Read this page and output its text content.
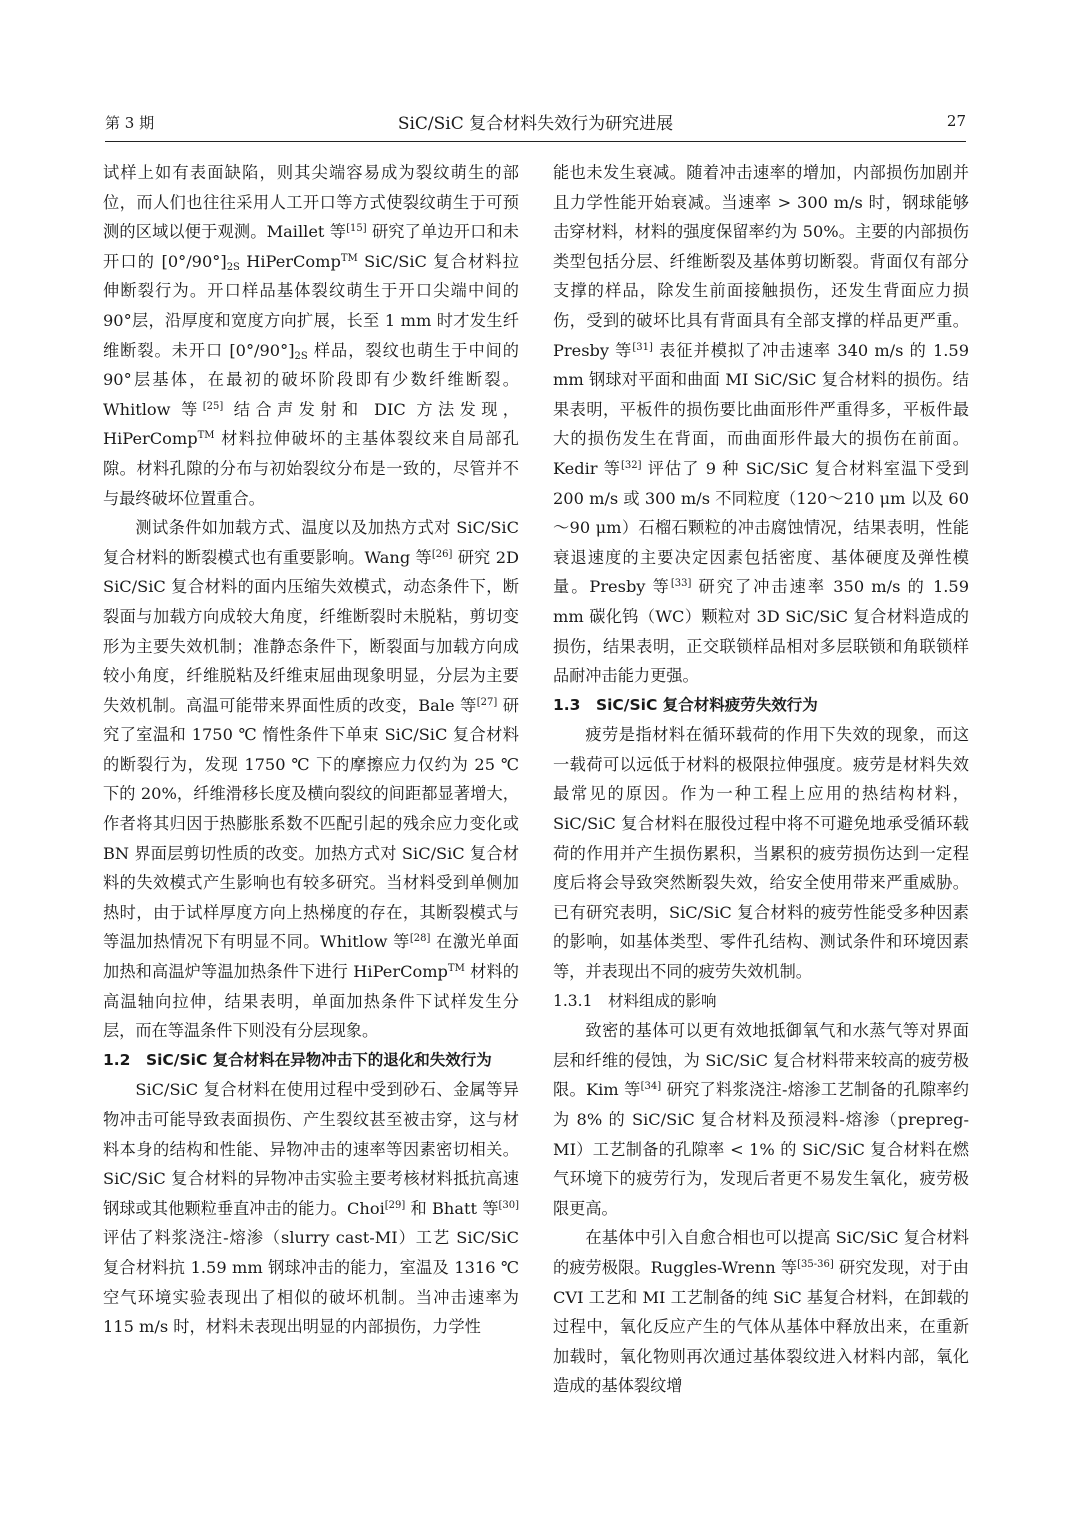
第 3 期	SiC/SiC 复合材料失效行为研究进展	27

试样上如有表面缺陷，则其尖端容易成为裂纹萌生的部位，而人们也往往采用人工开口等方式使裂纹萌生于可预测的区域以便于观测。Maillet 等[15] 研究了单边开口和未开口的 $[0^\circ/90^\circ]_{2S}$ HiPerComp™ SiC/SiC 复合材料拉伸断裂行为。开口样品基体裂纹萌生于开口尖端中间的 90°层，沿厚度和宽度方向扩展，长至 1 mm 时才发生纤维断裂。未开口 $[0^\circ/90^\circ]_{2S}$ 样品，裂纹也萌生于中间的 90°层基体，在最初的破坏阶段即有少数纤维断裂。Whitlow 等[25] 结合声发射和 DIC 方法发现，HiPerComp™ 材料拉伸破坏的主基体裂纹来自局部孔隙。材料孔隙的分布与初始裂纹分布是一致的，尽管并不与最终破坏位置重合。

测试条件如加载方式、温度以及加热方式对 SiC/SiC 复合材料的断裂模式也有重要影响。Wang 等[26] 研究 2D SiC/SiC 复合材料的面内压缩失效模式，动态条件下，断裂面与加载方向成较大角度，纤维断裂时未脱粘，剪切变形为主要失效机制；准静态条件下，断裂面与加载方向成较小角度，纤维脱粘及纤维束屈曲现象明显，分层为主要失效机制。高温可能带来界面性质的改变，Bale 等[27] 研究了室温和 1750 ℃ 惰性条件下单束 SiC/SiC 复合材料的断裂行为，发现 1750 ℃ 下的摩擦应力仅约为 25 ℃ 下的 20%，纤维滑移长度及横向裂纹的间距都显著增大，作者将其归因于热膨胀系数不匹配引起的残余应力变化或 BN 界面层剪切性质的改变。加热方式对 SiC/SiC 复合材料的失效模式产生影响也有较多研究。当材料受到单侧加热时，由于试样厚度方向上热梯度的存在，其断裂模式与等温加热情况下有明显不同。Whitlow 等[28] 在激光单面加热和高温炉等温加热条件下进行 HiPerComp™ 材料的高温轴向拉伸，结果表明，单面加热条件下试样发生分层，而在等温条件下则没有分层现象。

1.2　SiC/SiC 复合材料在异物冲击下的退化和失效行为

SiC/SiC 复合材料在使用过程中受到砂石、金属等异物冲击可能导致表面损伤、产生裂纹甚至被击穿，这与材料本身的结构和性能、异物冲击的速率等因素密切相关。SiC/SiC 复合材料的异物冲击实验主要考核材料抵抗高速钢球或其他颗粒垂直冲击的能力。Choi[29] 和 Bhatt 等[30] 评估了料浆浇注-熔渗（slurry cast-MI）工艺 SiC/SiC 复合材料抗 1.59 mm 钢球冲击的能力，室温及 1316 ℃ 空气环境实验表现出了相似的破坏机制。当冲击速率为 115 m/s 时，材料未表现出明显的内部损伤，力学性

能也未发生衰减。随着冲击速率的增加，内部损伤加剧并且力学性能开始衰减。当速率 > 300 m/s 时，钢球能够击穿材料，材料的强度保留率约为 50%。主要的内部损伤类型包括分层、纤维断裂及基体剪切断裂。背面仅有部分支撑的样品，除发生前面接触损伤，还发生背面应力损伤，受到的破坏比具有背面具有全部支撑的样品更严重。Presby 等[31] 表征并模拟了冲击速率 340 m/s 的 1.59 mm 钢球对平面和曲面 MI SiC/SiC 复合材料的损伤。结果表明，平板件的损伤要比曲面形件严重得多，平板件最大的损伤发生在背面，而曲面形件最大的损伤在前面。Kedir 等[32] 评估了 9 种 SiC/SiC 复合材料室温下受到 200 m/s 或 300 m/s 不同粒度（120～210 μm 以及 60～90 μm）石榴石颗粒的冲击腐蚀情况，结果表明，性能衰退速度的主要决定因素包括密度、基体硬度及弹性模量。Presby 等[33] 研究了冲击速率 350 m/s 的 1.59 mm 碳化钨（WC）颗粒对 3D SiC/SiC 复合材料造成的损伤，结果表明，正交联锁样品相对多层联锁和角联锁样品耐冲击能力更强。

1.3　SiC/SiC 复合材料疲劳失效行为

疲劳是指材料在循环载荷的作用下失效的现象，而这一载荷可以远低于材料的极限拉伸强度。疲劳是材料失效最常见的原因。作为一种工程上应用的热结构材料，SiC/SiC 复合材料在服役过程中将不可避免地承受循环载荷的作用并产生损伤累积，当累积的疲劳损伤达到一定程度后将会导致突然断裂失效，给安全使用带来严重威胁。已有研究表明，SiC/SiC 复合材料的疲劳性能受多种因素的影响，如基体类型、零件孔结构、测试条件和环境因素等，并表现出不同的疲劳失效机制。

1.3.1　材料组成的影响

致密的基体可以更有效地抵御氧气和水蒸气等对界面层和纤维的侵蚀，为 SiC/SiC 复合材料带来较高的疲劳极限。Kim 等[34] 研究了料浆浇注-熔渗工艺制备的孔隙率约为 8% 的 SiC/SiC 复合材料及预浸料-熔渗（prepreg-MI）工艺制备的孔隙率 < 1% 的 SiC/SiC 复合材料在燃气环境下的疲劳行为，发现后者更不易发生氧化，疲劳极限更高。

在基体中引入自愈合相也可以提高 SiC/SiC 复合材料的疲劳极限。Ruggles-Wrenn 等[35-36] 研究发现，对于由 CVI 工艺和 MI 工艺制备的纯 SiC 基复合材料，在卸载的过程中，氧化反应产生的气体从基体中释放出来，在重新加载时，氧化物则再次通过基体裂纹进入材料内部，氧化造成的基体裂纹增
